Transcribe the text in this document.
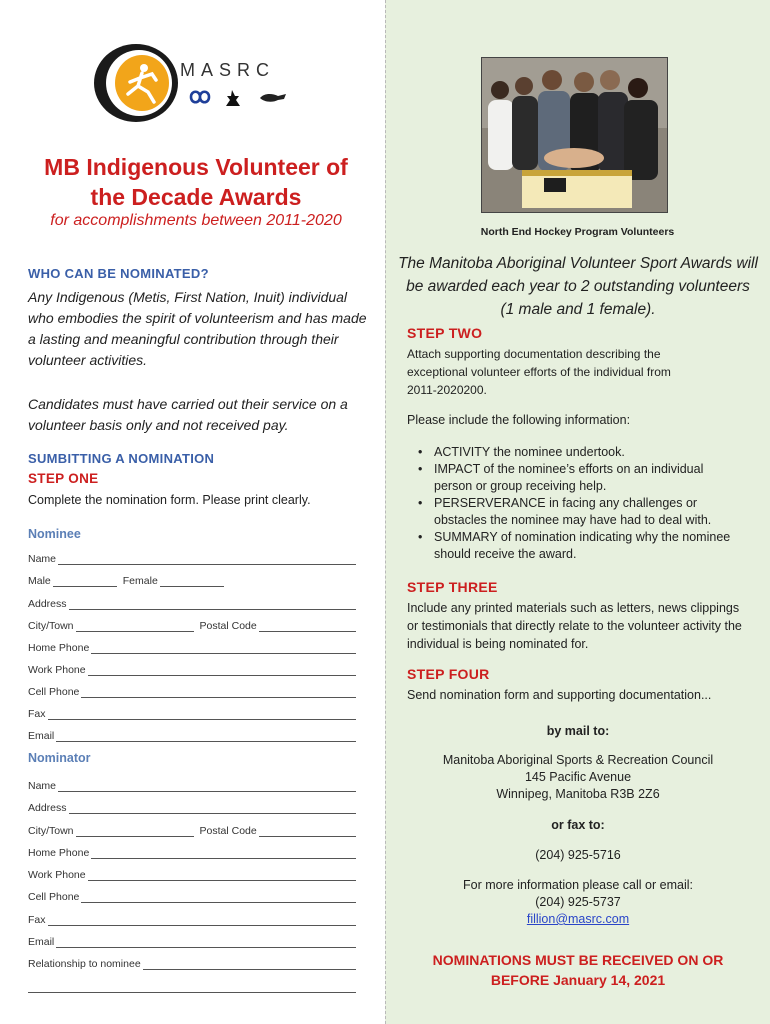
MASRC
MB Indigenous Volunteer of
the Decade Awards
for accomplishments between 2011-2020
WHO CAN BE NOMINATED?
Any Indigenous (Metis, First Nation, Inuit) individual who embodies the spirit of volunteerism and has made a lasting and meaningful contribution through their volunteer activities.
Candidates must have carried out their service on a volunteer basis only and not received pay.
SUMBITTING A NOMINATION
STEP ONE
Complete the nomination form. Please print clearly.
Nominee
Name
Male	Female
Address
City/Town	Postal Code
Home Phone
Work Phone
Cell Phone
Fax
Email
Nominator
Name
Address
City/Town	Postal Code
Home Phone
Work Phone
Cell Phone
Fax
Email
Relationship to nominee
North End Hockey Program Volunteers
The Manitoba Aboriginal Volunteer Sport Awards will be awarded each year to 2 outstanding volunteers (1 male and 1 female).
STEP TWO
Attach supporting documentation describing the exceptional volunteer efforts of the individual from 2011-2020200.
Please include the following information:
• ACTIVITY the nominee undertook.
• IMPACT of the nominee’s efforts on an individual person or group receiving help.
• PERSERVERANCE in facing any challenges or obstacles the nominee may have had to deal with.
• SUMMARY of nomination indicating why the nominee should receive the award.
STEP THREE
Include any printed materials such as letters, news clippings or testimonials that directly relate to the volunteer activity the individual is being nominated for.
STEP FOUR
Send nomination form and supporting documentation...
by mail to:
Manitoba Aboriginal Sports & Recreation Council
145 Pacific Avenue
Winnipeg, Manitoba R3B 2Z6
or fax to:
(204) 925-5716
For more information please call or email:
(204) 925-5737
fillion@masrc.com
NOMINATIONS MUST BE RECEIVED ON OR
BEFORE January 14, 2021
